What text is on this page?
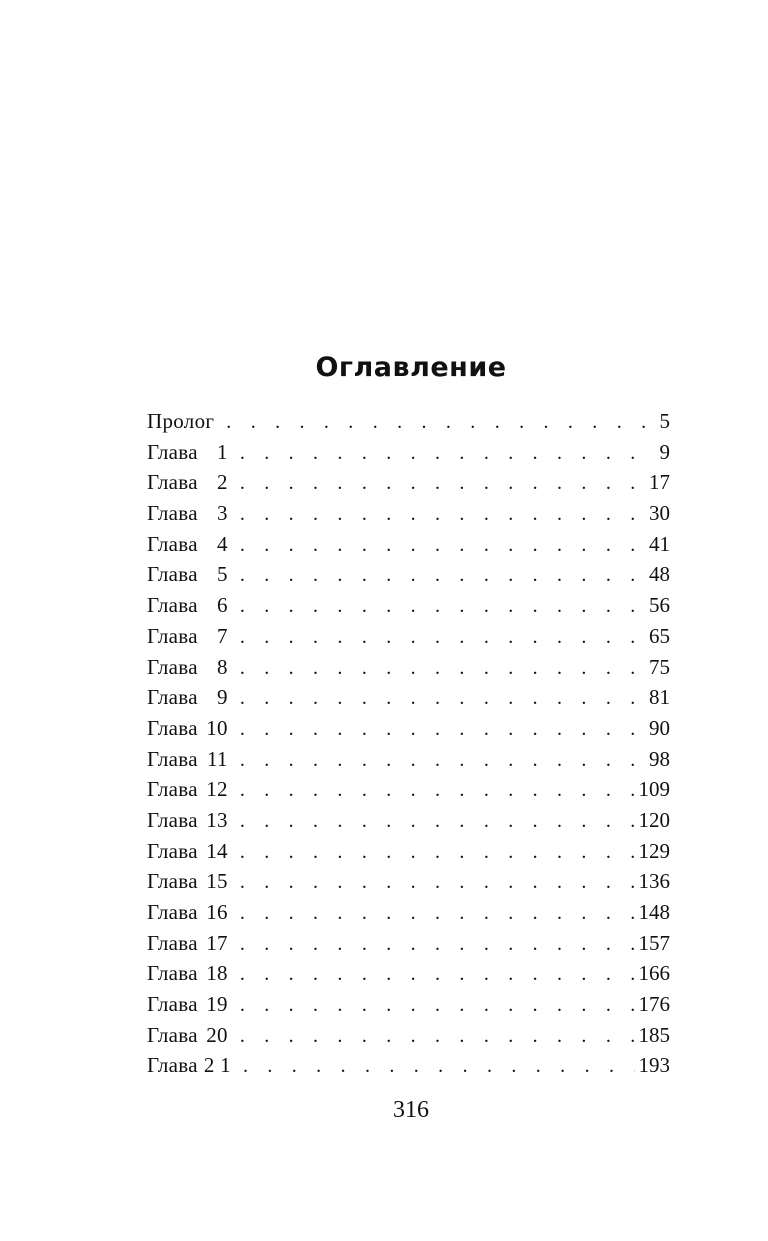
Оглавление
Пролог . . .	5
Глава 1 . . .	9
Глава 2 . . .	17
Глава 3 . . .	30
Глава 4 . . .	41
Глава 5 . . .	48
Глава 6 . . .	56
Глава 7 . . .	65
Глава 8 . . .	75
Глава 9 . . .	81
Глава 10 . . .	90
Глава 11 . . .	98
Глава 12 . . .	109
Глава 13 . . .	120
Глава 14 . . .	129
Глава 15 . . .	136
Глава 16 . . .	148
Глава 17 . . .	157
Глава 18 . . .	166
Глава 19 . . .	176
Глава 20 . . .	185
Глава 2 1 . . .	193
316
